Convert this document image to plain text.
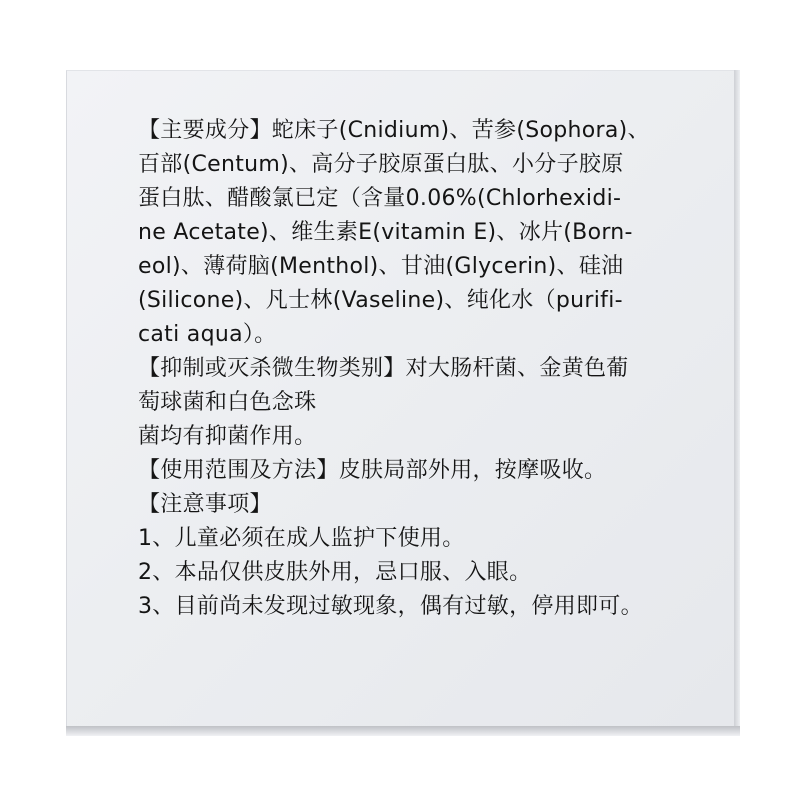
【主要成分】蛇床子(Cnidium)、苦参(Sophora)、
百部(Centum)、高分子胶原蛋白肽、小分子胶原
蛋白肽、醋酸氯已定（含量0.06%(Chlorhexidi-
ne Acetate)、维生素E(vitamin E)、冰片(Born-
eol)、薄荷脑(Menthol)、甘油(Glycerin)、硅油
(Silicone)、凡士林(Vaseline)、纯化水（purifi-
cati aqua）。
【抑制或灭杀微生物类别】对大肠杆菌、金黄色葡
萄球菌和白色念珠
菌均有抑菌作用。
【使用范围及方法】皮肤局部外用，按摩吸收。
【注意事项】
1、儿童必须在成人监护下使用。
2、本品仅供皮肤外用，忌口服、入眼。
3、目前尚未发现过敏现象，偶有过敏，停用即可。
